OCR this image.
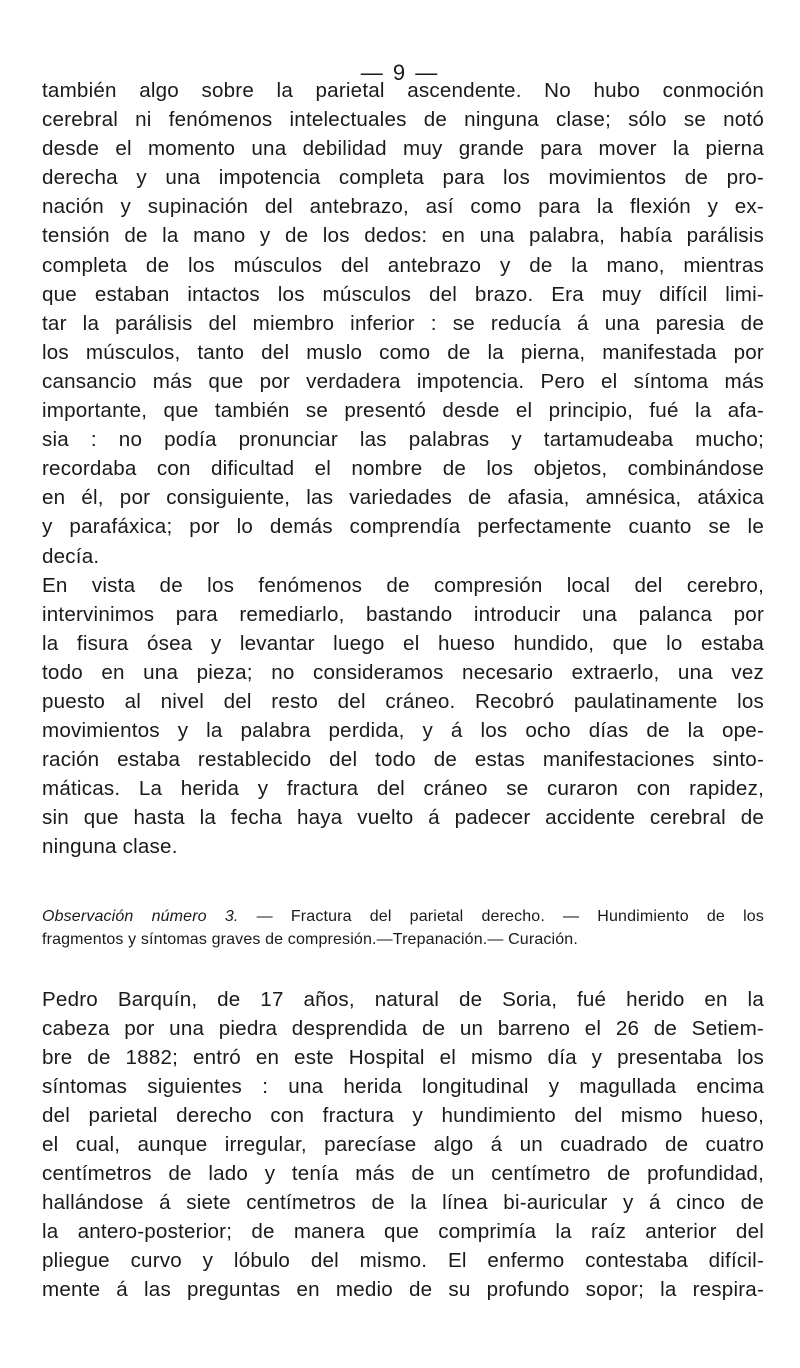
— 9 —
también algo sobre la parietal ascendente. No hubo conmoción
cerebral ni fenómenos intelectuales de ninguna clase; sólo se notó
desde el momento una debilidad muy grande para mover la pierna
derecha y una impotencia completa para los movimientos de pro-
nación y supinación del antebrazo, así como para la flexión y ex-
tensión de la mano y de los dedos: en una palabra, había parálisis
completa de los músculos del antebrazo y de la mano, mientras
que estaban intactos los músculos del brazo. Era muy difícil limi-
tar la parálisis del miembro inferior : se reducía á una paresia de
los músculos, tanto del muslo como de la pierna, manifestada por
cansancio más que por verdadera impotencia. Pero el síntoma más
importante, que también se presentó desde el principio, fué la afa-
sia : no podía pronunciar las palabras y tartamudeaba mucho;
recordaba con dificultad el nombre de los objetos, combinándose
en él, por consiguiente, las variedades de afasia, amnésica, atáxica
y parafáxica; por lo demás comprendía perfectamente cuanto se le
decía.
En vista de los fenómenos de compresión local del cerebro,
intervinimos para remediarlo, bastando introducir una palanca por
la fisura ósea y levantar luego el hueso hundido, que lo estaba
todo en una pieza; no consideramos necesario extraerlo, una vez
puesto al nivel del resto del cráneo. Recobró paulatinamente los
movimientos y la palabra perdida, y á los ocho días de la ope-
ración estaba restablecido del todo de estas manifestaciones sinto-
máticas. La herida y fractura del cráneo se curaron con rapidez,
sin que hasta la fecha haya vuelto á padecer accidente cerebral de
ninguna clase.
Observación número 3. — Fractura del parietal derecho. — Hundimiento de los
fragmentos y síntomas graves de compresión.—Trepanación.— Curación.
Pedro Barquín, de 17 años, natural de Soria, fué herido en la
cabeza por una piedra desprendida de un barreno el 26 de Setiem-
bre de 1882; entró en este Hospital el mismo día y presentaba los
síntomas siguientes : una herida longitudinal y magullada encima
del parietal derecho con fractura y hundimiento del mismo hueso,
el cual, aunque irregular, parecíase algo á un cuadrado de cuatro
centímetros de lado y tenía más de un centímetro de profundidad,
hallándose á siete centímetros de la línea bi-auricular y á cinco de
la antero-posterior; de manera que comprimía la raíz anterior del
pliegue curvo y lóbulo del mismo. El enfermo contestaba difícil-
mente á las preguntas en medio de su profundo sopor; la respira-
